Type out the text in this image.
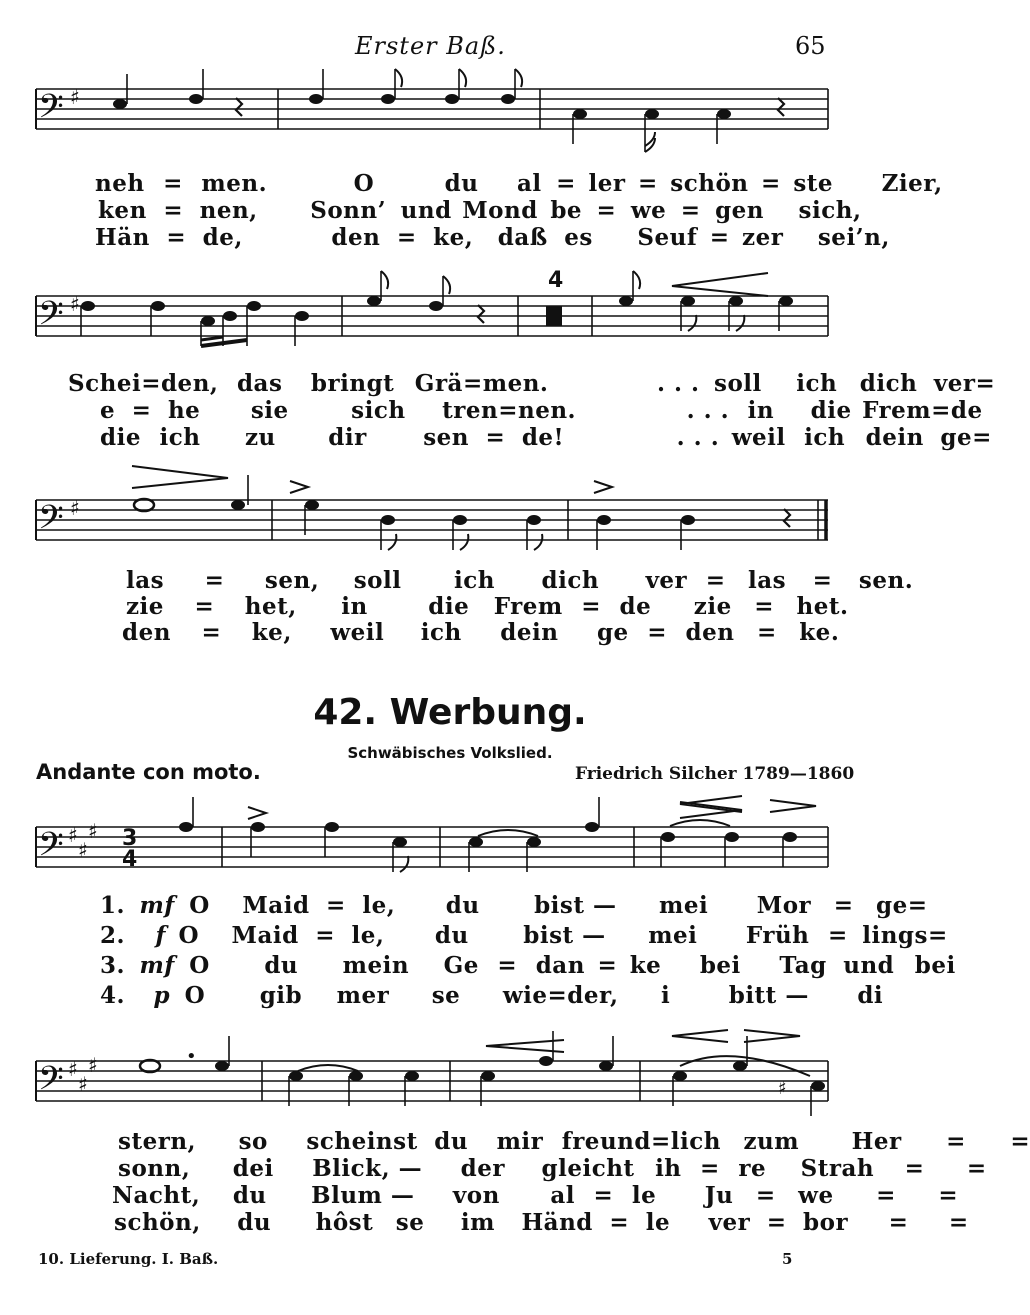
Erster Baß.	65
𝄢
𝄢
𝄢
𝄢
𝄢
♯
♯
♯
♯
♯
♯
♯
♯
♯
3
4
4
•
♯
neh = men.	O	du al = ler = schön = ste Zier,
ken = nen, Sonn’ und Mond be = we = gen sich,
Hän = de,	den = ke, daß es Seuf = zer sei’n,
Schei=den, das bringt Grä=men.	. . . soll ich dich ver=
e = he sie	sich tren=nen.	. . . in die Frem=de
die ich zu dir sen = de!	. . . weil ich dein ge=
las = sen, soll ich dich ver = las = sen.
zie = het, in	die Frem = de zie = het.
den = ke, weil ich dein ge = den = ke.
42. Werbung.
Schwäbisches Volkslied.
Andante con moto.	Friedrich Silcher 1789—1860
1. mf O Maid = le, du bist — mei Mor = ge=
2. f O Maid = le, du bist — mei Früh = lings=
3. mf O du mein Ge = dan = ke bei Tag und bei
4. p O gib mer se wie=der, i	bitt — di
stern, so scheinst du mir freund=lich zum Her = =
sonn, dei Blick, — der gleicht ih = re Strah = =
Nacht, du Blum — von al = le Ju = we = =
schön, du hôst se im Händ = le ver = bor = =
10. Lieferung. I. Baß.	5
